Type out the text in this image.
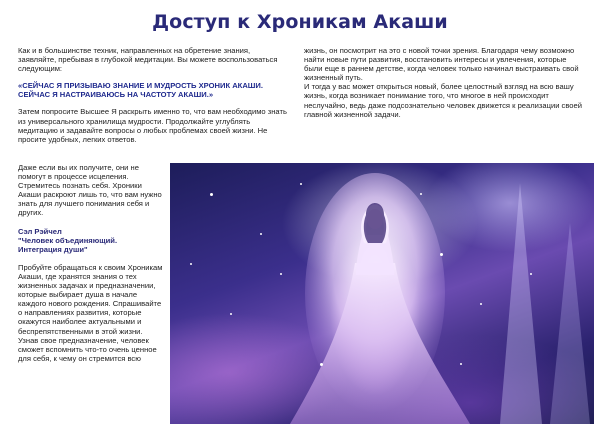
Доступ к Хроникам Акаши

Как и в большинстве техник, направленных на обретение знания, заявляйте, пребывая в глубокой медитации. Вы можете воспользоваться следующим:

«СЕЙЧАС Я ПРИЗЫВАЮ ЗНАНИЕ И МУДРОСТЬ ХРОНИК АКАШИ.

СЕЙЧАС Я НАСТРАИВАЮСЬ НА ЧАСТОТУ АКАШИ.»

Затем попросите Высшее Я раскрыть именно то, что вам необходимо знать из универсального хранилища мудрости. Продолжайте углублять медитацию и задавайте вопросы о любых проблемах своей жизни. Не просите удобных, легких ответов.

Даже если вы их получите, они не помогут в процессе исцеления. Стремитесь познать себя. Хроники Акаши раскроют лишь то, что вам нужно знать для лучшего понимания себя и других.

Сэл Рэйчел

"Человек объединяющий.

Интеграция души"

Пробуйте обращаться к своим Хроникам Акаши, где хранятся знания о тех жизненных задачах и предназначении, которые выбирает душа в начале каждого нового рождения. Спрашивайте о направлениях развития, которые окажутся наиболее актуальными и беспрепятственными в этой жизни. Узнав свое предназначение, человек сможет вспомнить что-то очень ценное для себя, к чему он стремится всю

жизнь, он посмотрит на это с новой точки зрения. Благодаря чему возможно найти новые пути развития, восстановить интересы и увлечения, которые были еще в раннем детстве, когда человек только начинал выстраивать свой жизненный путь.

И тогда у вас может открыться новый, более целостный взгляд на всю вашу жизнь, когда возникает понимание того, что многое в ней происходит неслучайно, ведь даже подсознательно человек движется к реализации своей главной жизненной задачи.
